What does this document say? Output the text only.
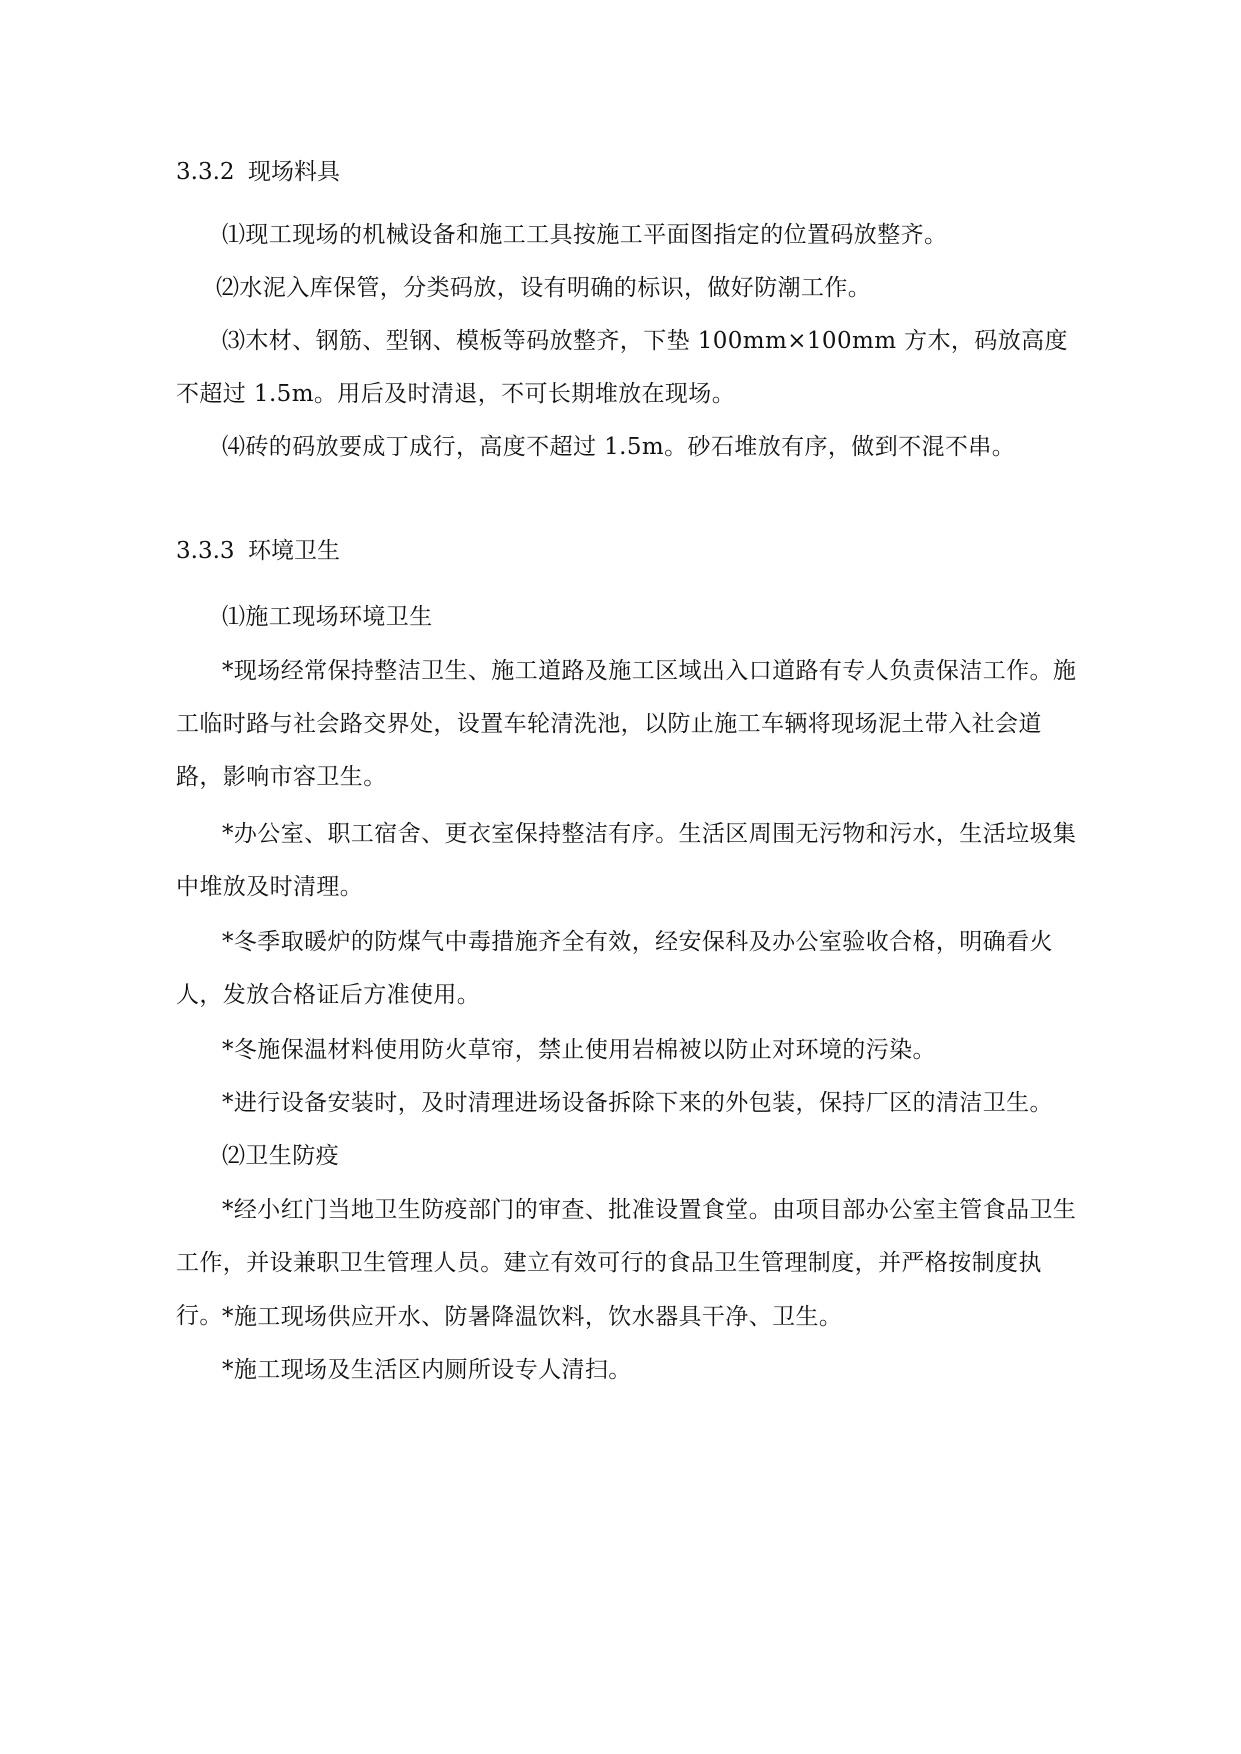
3.3.2 现场料具
⑴现工现场的机械设备和施工工具按施工平面图指定的位置码放整齐。
⑵水泥入库保管，分类码放，设有明确的标识，做好防潮工作。
⑶木材、钢筋、型钢、模板等码放整齐，下垫 100mm×100mm 方木，码放高度不超过 1.5m。用后及时清退，不可长期堆放在现场。
⑷砖的码放要成丁成行，高度不超过 1.5m。砂石堆放有序，做到不混不串。
3.3.3 环境卫生
⑴施工现场环境卫生
*现场经常保持整洁卫生、施工道路及施工区域出入口道路有专人负责保洁工作。施工临时路与社会路交界处，设置车轮清洗池，以防止施工车辆将现场泥土带入社会道路，影响市容卫生。
*办公室、职工宿舍、更衣室保持整洁有序。生活区周围无污物和污水，生活垃圾集中堆放及时清理。
*冬季取暖炉的防煤气中毒措施齐全有效，经安保科及办公室验收合格，明确看火人，发放合格证后方准使用。
*冬施保温材料使用防火草帘，禁止使用岩棉被以防止对环境的污染。
*进行设备安装时，及时清理进场设备拆除下来的外包装，保持厂区的清洁卫生。
⑵卫生防疫
*经小红门当地卫生防疫部门的审查、批准设置食堂。由项目部办公室主管食品卫生工作，并设兼职卫生管理人员。建立有效可行的食品卫生管理制度，并严格按制度执行。 *施工现场供应开水、防暑降温饮料，饮水器具干净、卫生。
*施工现场及生活区内厕所设专人清扫。
